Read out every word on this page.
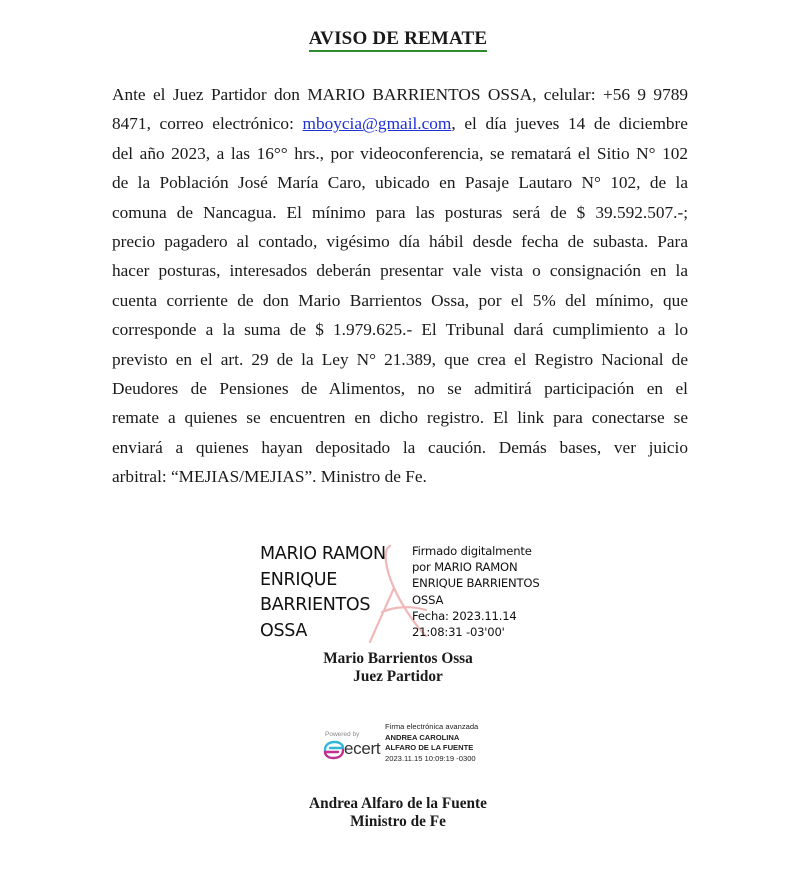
AVISO DE REMATE
Ante el Juez Partidor don MARIO BARRIENTOS OSSA, celular: +56 9 9789
8471, correo electrónico: mboycia@gmail.com, el día jueves 14 de diciembre
del año 2023, a las 16°° hrs., por videoconferencia, se rematará el Sitio N° 102
de la Población José María Caro, ubicado en Pasaje Lautaro N° 102, de la
comuna de Nancagua. El mínimo para las posturas será de $ 39.592.507.-;
precio pagadero al contado, vigésimo día hábil desde fecha de subasta. Para
hacer posturas, interesados deberán presentar vale vista o consignación en la
cuenta corriente de don Mario Barrientos Ossa, por el 5% del mínimo, que
corresponde a la suma de $ 1.979.625.- El Tribunal dará cumplimiento a lo
previsto en el art. 29 de la Ley N° 21.389, que crea el Registro Nacional de
Deudores de Pensiones de Alimentos, no se admitirá participación en el
remate a quienes se encuentren en dicho registro. El link para conectarse se
enviará a quienes hayan depositado la caución. Demás bases, ver juicio
arbitral: “MEJIAS/MEJIAS”. Ministro de Fe.
MARIO RAMON
ENRIQUE
BARRIENTOS
OSSA
Firmado digitalmente
por MARIO RAMON
ENRIQUE BARRIENTOS
OSSA
Fecha: 2023.11.14
21:08:31 -03'00'
Mario Barrientos Ossa
Juez Partidor
Powered by
ecert
Firma electrónica avanzada
ANDREA CAROLINA
ALFARO DE LA FUENTE
2023.11.15 10:09:19 -0300
Andrea Alfaro de la Fuente
Ministro de Fe
